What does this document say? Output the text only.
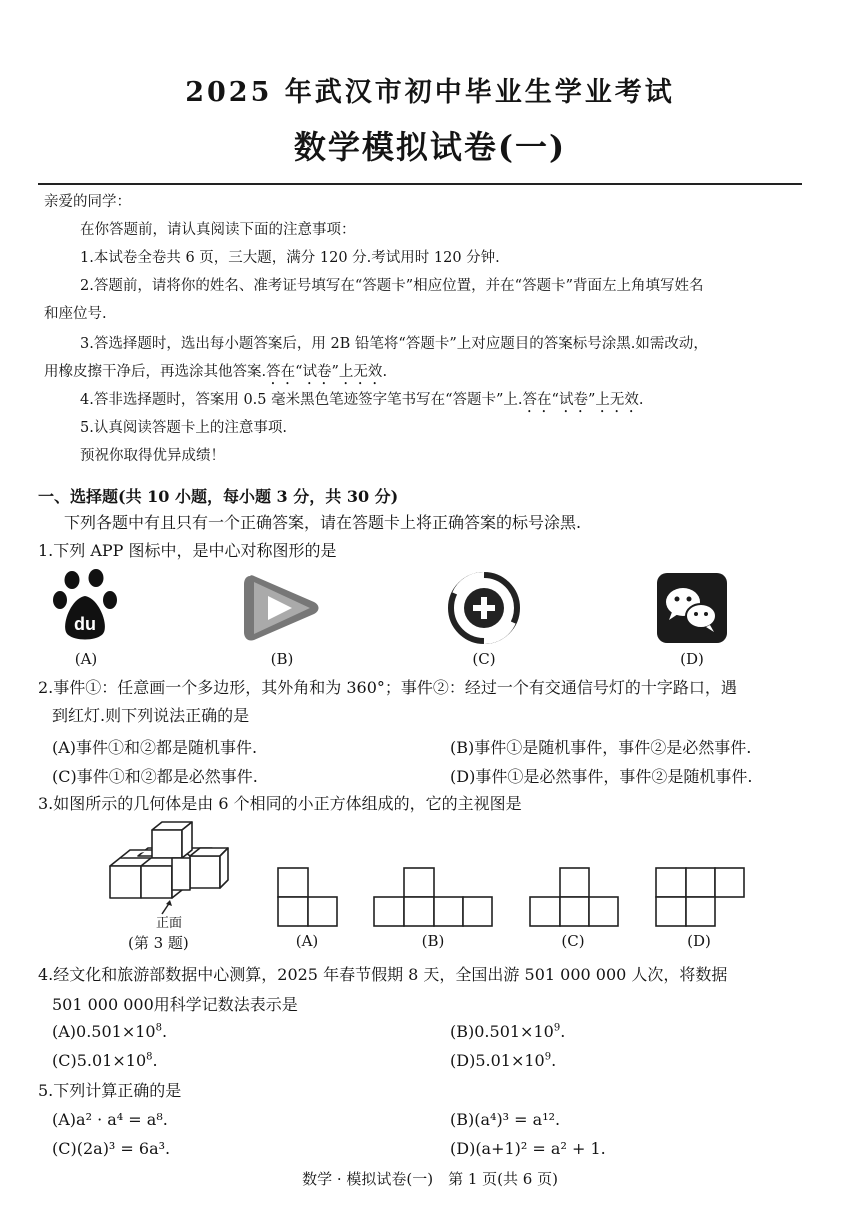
2025 年武汉市初中毕业生学业考试
数学模拟试卷(一)
亲爱的同学：
在你答题前，请认真阅读下面的注意事项：
1.本试卷全卷共 6 页，三大题，满分 120 分.考试用时 120 分钟.
2.答题前，请将你的姓名、准考证号填写在“答题卡”相应位置，并在“答题卡”背面左上角填写姓名
和座位号.
3.答选择题时，选出每小题答案后，用 2B 铅笔将“答题卡”上对应题目的答案标号涂黑.如需改动，
用橡皮擦干净后，再选涂其他答案.答在“试卷”上无效.
4.答非选择题时，答案用 0.5 毫米黑色笔迹签字笔书写在“答题卡”上.答在“试卷”上无效.
5.认真阅读答题卡上的注意事项.
预祝你取得优异成绩！
一、选择题(共 10 小题，每小题 3 分，共 30 分)
下列各题中有且只有一个正确答案，请在答题卡上将正确答案的标号涂黑.
1.下列 APP 图标中，是中心对称图形的是
du
(A)	(B)	(C)	(D)
2.事件①：任意画一个多边形，其外角和为 360°；事件②：经过一个有交通信号灯的十字路口，遇
到红灯.则下列说法正确的是
(A)事件①和②都是随机事件.	(B)事件①是随机事件，事件②是必然事件.
(C)事件①和②都是必然事件.	(D)事件①是必然事件，事件②是随机事件.
3.如图所示的几何体是由 6 个相同的小正方体组成的，它的主视图是
正面
(第 3 题)	(A)	(B)	(C)	(D)
4.经文化和旅游部数据中心测算，2025 年春节假期 8 天，全国出游 501 000 000 人次，将数据
501 000 000用科学记数法表示是
$(A)0.501\times 10^8$.	$(B)0.501\times 10^9$.
$(C)5.01\times 10^8$.	$(D)5.01\times 10^9$.
5.下列计算正确的是
(A)a² · a⁴ = a⁸.	(B)(a⁴)³ = a¹².
(C)(2a)³ = 6a³.	(D)(a+1)² = a² + 1.
数学 · 模拟试卷(一)　第 1 页(共 6 页)
